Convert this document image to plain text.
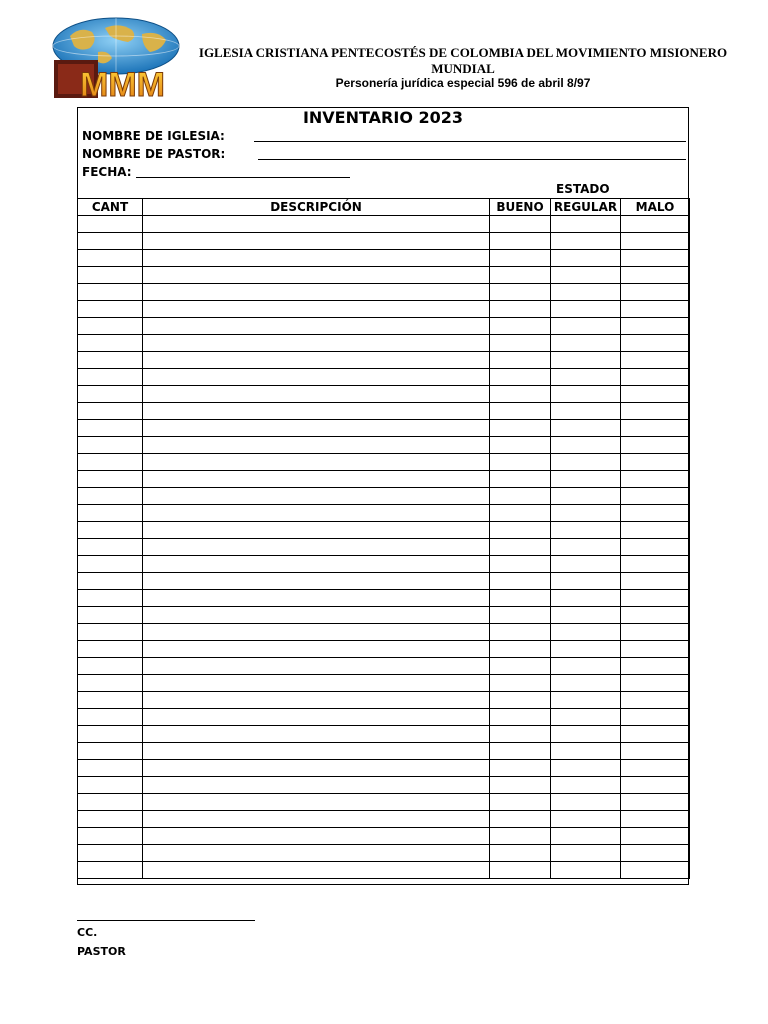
MMM
IGLESIA CRISTIANA PENTECOSTÉS DE COLOMBIA DEL MOVIMIENTO MISIONERO MUNDIAL
Personería jurídica especial 596 de abril 8/97
INVENTARIO 2023
NOMBRE DE IGLESIA:
NOMBRE DE PASTOR:
FECHA:
ESTADO
CANT	DESCRIPCIÓN	BUENO	REGULAR	MALO

CC.
PASTOR
